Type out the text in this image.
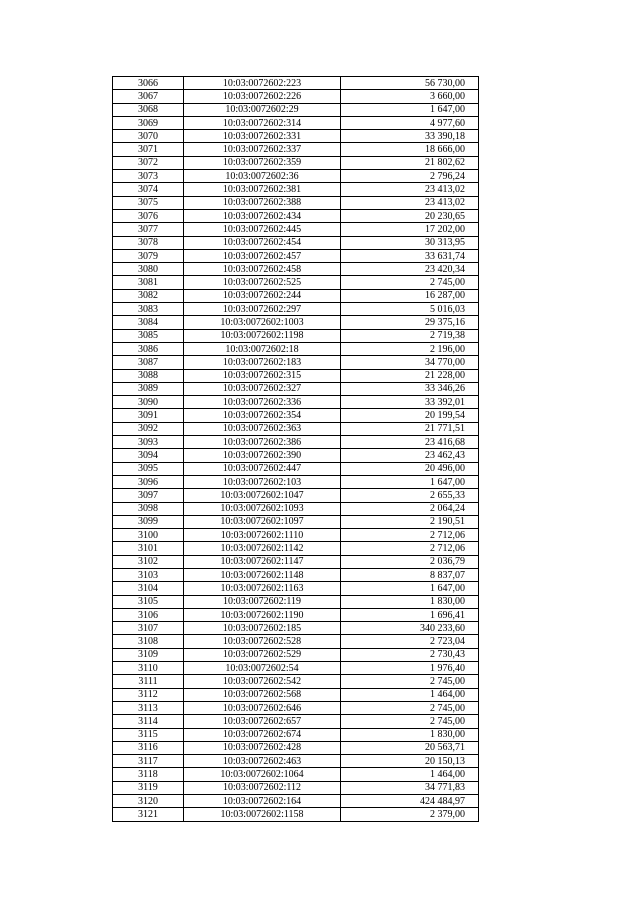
3066	10:03:0072602:223	56 730,00
3067	10:03:0072602:226	3 660,00
3068	10:03:0072602:29	1 647,00
3069	10:03:0072602:314	4 977,60
3070	10:03:0072602:331	33 390,18
3071	10:03:0072602:337	18 666,00
3072	10:03:0072602:359	21 802,62
3073	10:03:0072602:36	2 796,24
3074	10:03:0072602:381	23 413,02
3075	10:03:0072602:388	23 413,02
3076	10:03:0072602:434	20 230,65
3077	10:03:0072602:445	17 202,00
3078	10:03:0072602:454	30 313,95
3079	10:03:0072602:457	33 631,74
3080	10:03:0072602:458	23 420,34
3081	10:03:0072602:525	2 745,00
3082	10:03:0072602:244	16 287,00
3083	10:03:0072602:297	5 016,03
3084	10:03:0072602:1003	29 375,16
3085	10:03:0072602:1198	2 719,38
3086	10:03:0072602:18	2 196,00
3087	10:03:0072602:183	34 770,00
3088	10:03:0072602:315	21 228,00
3089	10:03:0072602:327	33 346,26
3090	10:03:0072602:336	33 392,01
3091	10:03:0072602:354	20 199,54
3092	10:03:0072602:363	21 771,51
3093	10:03:0072602:386	23 416,68
3094	10:03:0072602:390	23 462,43
3095	10:03:0072602:447	20 496,00
3096	10:03:0072602:103	1 647,00
3097	10:03:0072602:1047	2 655,33
3098	10:03:0072602:1093	2 064,24
3099	10:03:0072602:1097	2 190,51
3100	10:03:0072602:1110	2 712,06
3101	10:03:0072602:1142	2 712,06
3102	10:03:0072602:1147	2 036,79
3103	10:03:0072602:1148	8 837,07
3104	10:03:0072602:1163	1 647,00
3105	10:03:0072602:119	1 830,00
3106	10:03:0072602:1190	1 696,41
3107	10:03:0072602:185	340 233,60
3108	10:03:0072602:528	2 723,04
3109	10:03:0072602:529	2 730,43
3110	10:03:0072602:54	1 976,40
3111	10:03:0072602:542	2 745,00
3112	10:03:0072602:568	1 464,00
3113	10:03:0072602:646	2 745,00
3114	10:03:0072602:657	2 745,00
3115	10:03:0072602:674	1 830,00
3116	10:03:0072602:428	20 563,71
3117	10:03:0072602:463	20 150,13
3118	10:03:0072602:1064	1 464,00
3119	10:03:0072602:112	34 771,83
3120	10:03:0072602:164	424 484,97
3121	10:03:0072602:1158	2 379,00
